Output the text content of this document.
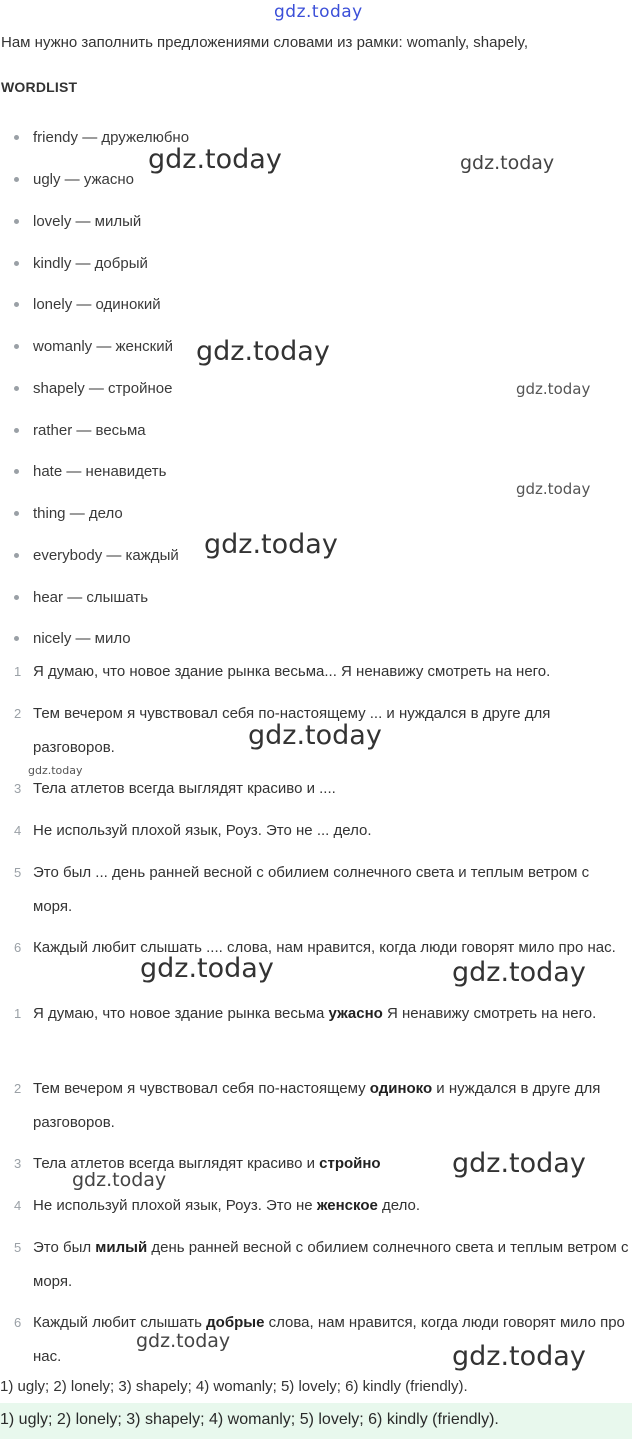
gdz.today
Нам нужно заполнить предложениями словами из рамки: womanly, shapely,
WORDLIST
friendy — дружелюбно
ugly — ужасно
lovely — милый
kindly — добрый
lonely — одинокий
womanly — женский
shapely — стройное
rather — весьма
hate — ненавидеть
thing — дело
everybody — каждый
hear — слышать
nicely — мило
1 Я думаю, что новое здание рынка весьма... Я ненавижу смотреть на него.
2 Тем вечером я чувствовал себя по-настоящему ... и нуждался в друге для разговоров.
3 Тела атлетов всегда выглядят красиво и ....
4 Не используй плохой язык, Роуз. Это не ... дело.
5 Это был ... день ранней весной с обилием солнечного света и теплым ветром с моря.
6 Каждый любит слышать .... слова, нам нравится, когда люди говорят мило про нас.
1 Я думаю, что новое здание рынка весьма ужасно Я ненавижу смотреть на него.
2 Тем вечером я чувствовал себя по-настоящему одиноко и нуждался в друге для разговоров.
3 Тела атлетов всегда выглядят красиво и стройно
4 Не используй плохой язык, Роуз. Это не женское дело.
5 Это был милый день ранней весной с обилием солнечного света и теплым ветром с моря.
6 Каждый любит слышать добрые слова, нам нравится, когда люди говорят мило про нас.
1) ugly; 2) lonely; 3) shapely; 4) womanly; 5) lovely; 6) kindly (friendly).
1) ugly; 2) lonely; 3) shapely; 4) womanly; 5) lovely; 6) kindly (friendly).
gdz.today	gdz.today
gdz.today
gdz.today
gdz.today
gdz.today
gdz.today
gdz.today
gdz.today	gdz.today
gdz.today
gdz.today
gdz.today	gdz.today
